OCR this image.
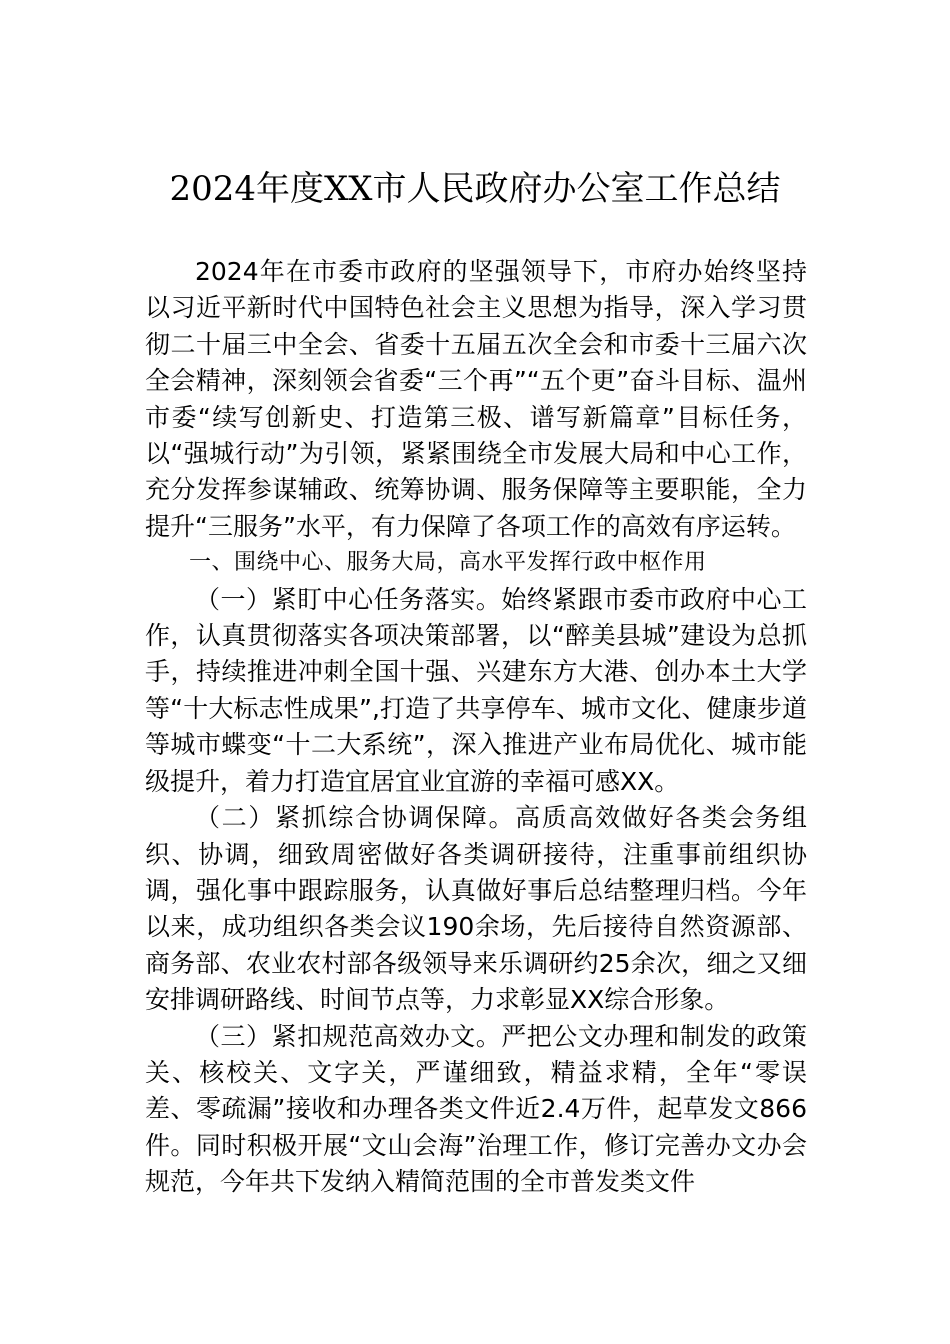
2024年度XX市人民政府办公室工作总结

2024年在市委市政府的坚强领导下，市府办始终坚持以习近平新时代中国特色社会主义思想为指导，深入学习贯彻二十届三中全会、省委十五届五次全会和市委十三届六次全会精神，深刻领会省委“三个再”“五个更”奋斗目标、温州市委“续写创新史、打造第三极、谱写新篇章”目标任务，以“强城行动”为引领，紧紧围绕全市发展大局和中心工作，充分发挥参谋辅政、统筹协调、服务保障等主要职能，全力提升“三服务”水平，有力保障了各项工作的高效有序运转。

一、围绕中心、服务大局，高水平发挥行政中枢作用

（一）紧盯中心任务落实。始终紧跟市委市政府中心工作，认真贯彻落实各项决策部署，以“醉美县城”建设为总抓手，持续推进冲刺全国十强、兴建东方大港、创办本土大学等“十大标志性成果”,打造了共享停车、城市文化、健康步道等城市蝶变“十二大系统”，深入推进产业布局优化、城市能级提升，着力打造宜居宜业宜游的幸福可感XX。

（二）紧抓综合协调保障。高质高效做好各类会务组织、协调，细致周密做好各类调研接待，注重事前组织协调，强化事中跟踪服务，认真做好事后总结整理归档。今年以来，成功组织各类会议190余场，先后接待自然资源部、商务部、农业农村部各级领导来乐调研约25余次，细之又细安排调研路线、时间节点等，力求彰显XX综合形象。

（三）紧扣规范高效办文。严把公文办理和制发的政策关、核校关、文字关，严谨细致，精益求精，全年“零误差、零疏漏”接收和办理各类文件近2.4万件，起草发文866件。同时积极开展“文山会海”治理工作，修订完善办文办会规范，今年共下发纳入精简范围的全市普发类文件
